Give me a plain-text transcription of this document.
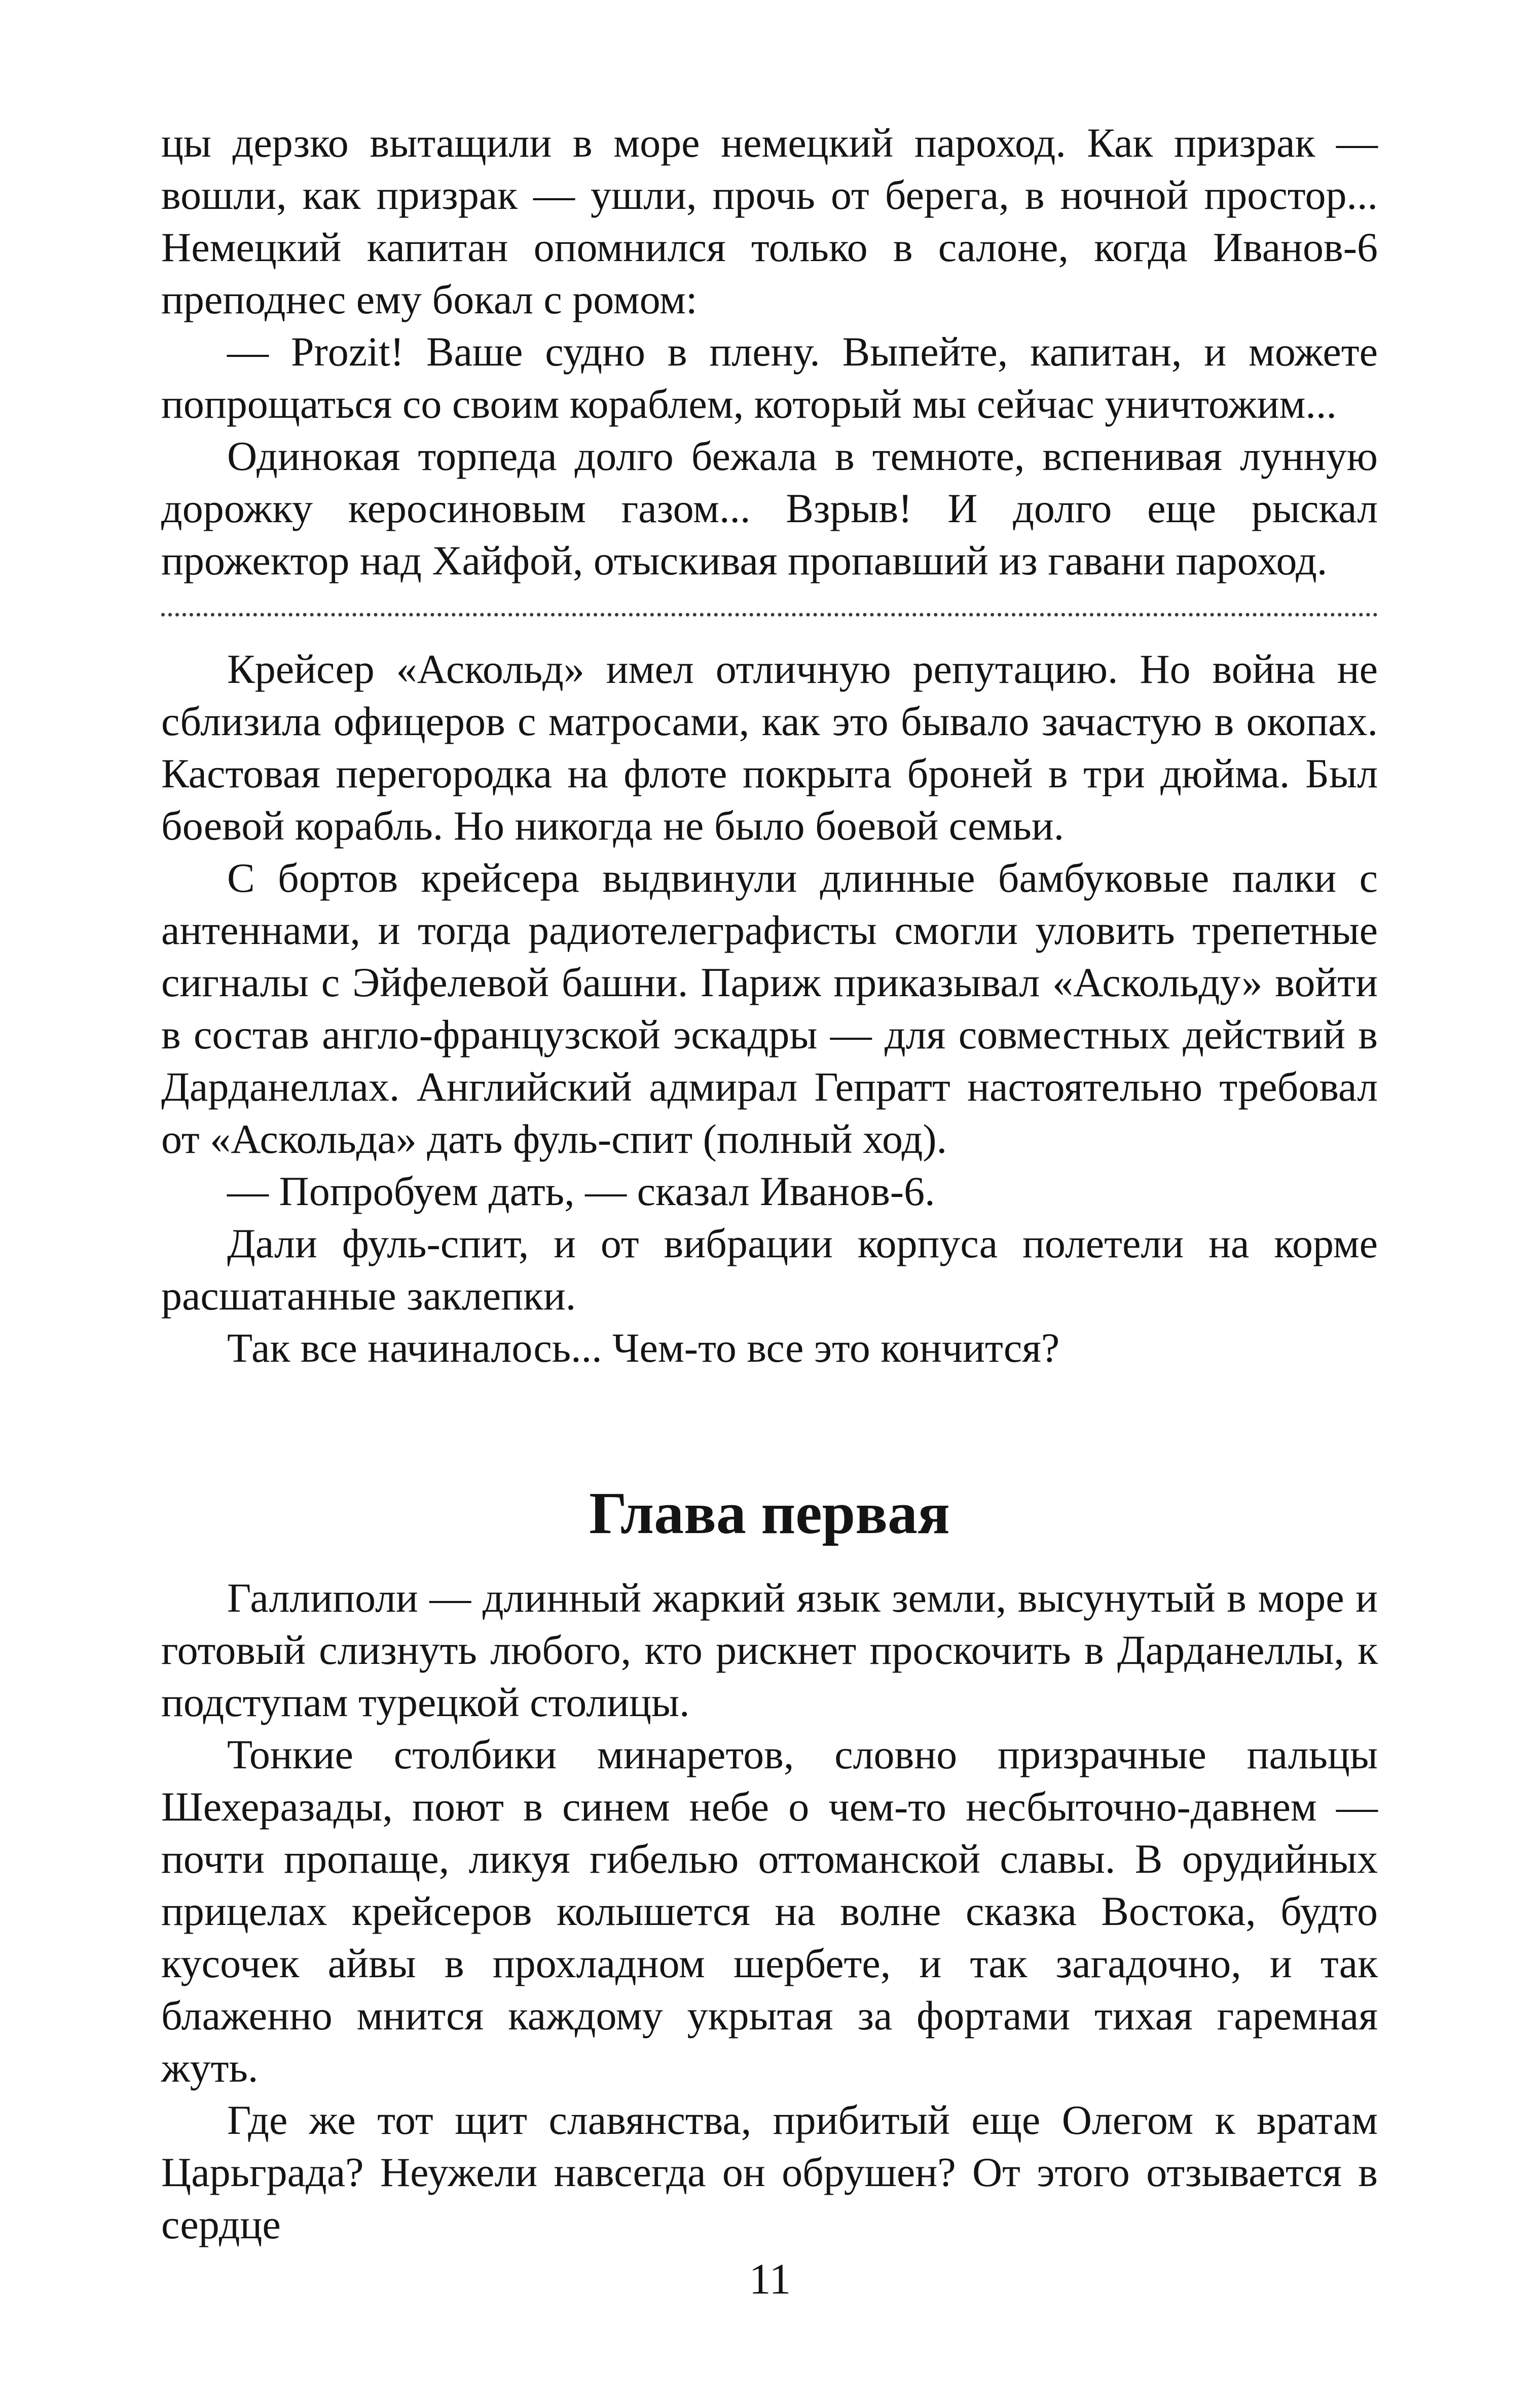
цы дерзко вытащили в море немецкий пароход. Как призрак — вошли, как призрак — ушли, прочь от берега, в ночной простор... Немецкий капитан опомнился только в салоне, когда Иванов-6 преподнес ему бокал с ромом:

— Prozit! Ваше судно в плену. Выпейте, капитан, и можете попрощаться со своим кораблем, который мы сейчас уничтожим...

Одинокая торпеда долго бежала в темноте, вспенивая лунную дорожку керосиновым газом... Взрыв! И долго еще рыскал прожектор над Хайфой, отыскивая пропавший из гавани пароход.

Крейсер «Аскольд» имел отличную репутацию. Но война не сблизила офицеров с матросами, как это бывало зачастую в окопах. Кастовая перегородка на флоте покрыта броней в три дюйма. Был боевой корабль. Но никогда не было боевой семьи.

С бортов крейсера выдвинули длинные бамбуковые палки с антеннами, и тогда радиотелеграфисты смогли уловить трепетные сигналы с Эйфелевой башни. Париж приказывал «Аскольду» войти в состав англо-французской эскадры — для совместных действий в Дарданеллах. Английский адмирал Гепратт настоятельно требовал от «Аскольда» дать фуль-спит (полный ход).

— Попробуем дать, — сказал Иванов-6.

Дали фуль-спит, и от вибрации корпуса полетели на корме расшатанные заклепки.

Так все начиналось... Чем-то все это кончится?

Глава первая

Галлиполи — длинный жаркий язык земли, высунутый в море и готовый слизнуть любого, кто рискнет проскочить в Дарданеллы, к подступам турецкой столицы.

Тонкие столбики минаретов, словно призрачные пальцы Шехеразады, поют в синем небе о чем-то несбыточно-давнем — почти пропаще, ликуя гибелью оттоманской славы. В орудийных прицелах крейсеров колышется на волне сказка Востока, будто кусочек айвы в прохладном шербете, и так загадочно, и так блаженно мнится каждому укрытая за фортами тихая гаремная жуть.

Где же тот щит славянства, прибитый еще Олегом к вратам Царьграда? Неужели навсегда он обрушен? От этого отзывается в сердце

11
